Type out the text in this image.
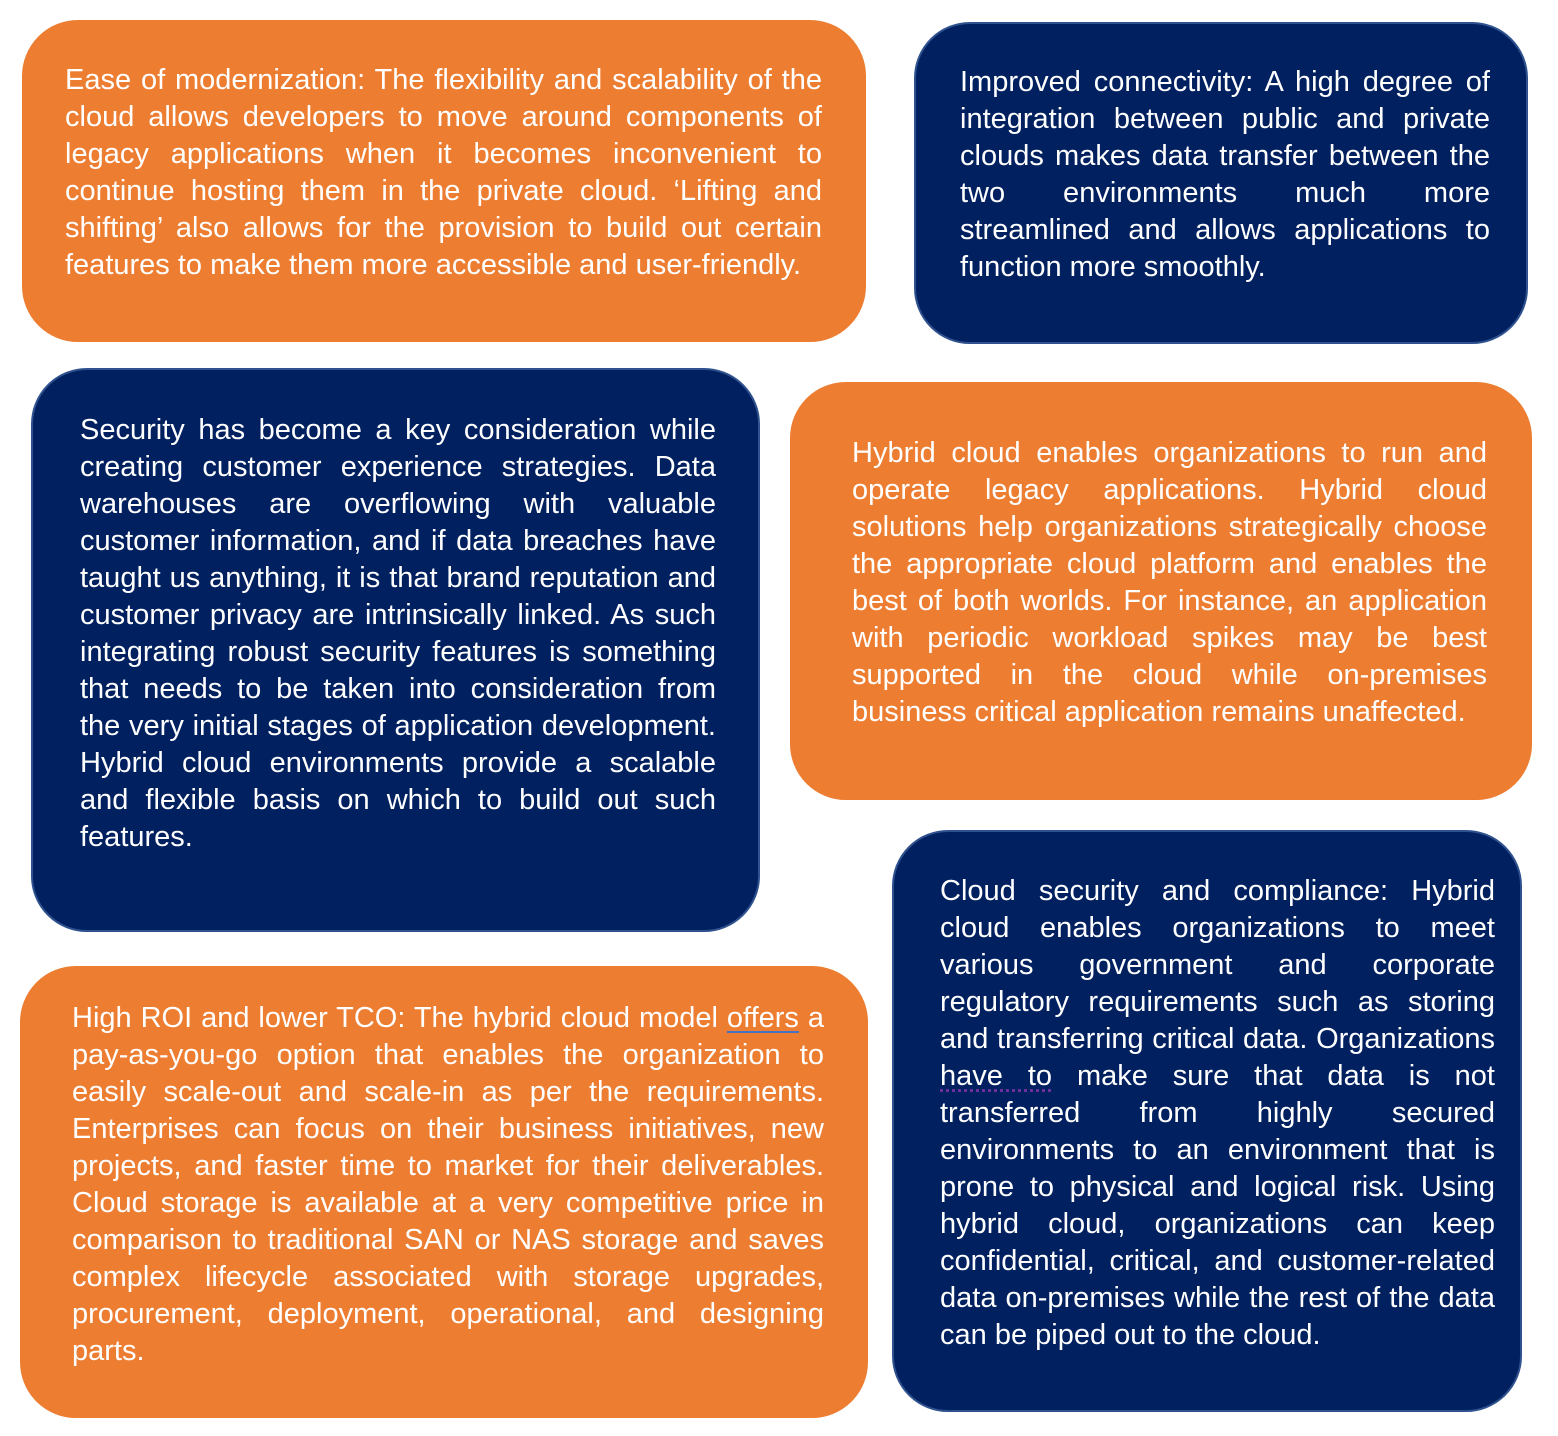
Ease of modernization: The flexibility and scalability of the cloud allows developers to move around components of legacy applications when it becomes inconvenient to continue hosting them in the private cloud. ‘Lifting and shifting’ also allows for the provision to build out certain features to make them more accessible and user-friendly.

Improved connectivity: A high degree of integration between public and private clouds makes data transfer between the two environments much more streamlined and allows applications to function more smoothly.

Security has become a key consideration while creating customer experience strategies. Data warehouses are overflowing with valuable customer information, and if data breaches have taught us anything, it is that brand reputation and customer privacy are intrinsically linked. As such integrating robust security features is something that needs to be taken into consideration from the very initial stages of application development. Hybrid cloud environments provide a scalable and flexible basis on which to build out such features.

Hybrid cloud enables organizations to run and operate legacy applications. Hybrid cloud solutions help organizations strategically choose the appropriate cloud platform and enables the best of both worlds. For instance, an application with periodic workload spikes may be best supported in the cloud while on-premises business critical application remains unaffected.

High ROI and lower TCO: The hybrid cloud model offers a pay-as-you-go option that enables the organization to easily scale-out and scale-in as per the requirements. Enterprises can focus on their business initiatives, new projects, and faster time to market for their deliverables. Cloud storage is available at a very competitive price in comparison to traditional SAN or NAS storage and saves complex lifecycle associated with storage upgrades, procurement, deployment, operational, and designing parts.

Cloud security and compliance: Hybrid cloud enables organizations to meet various government and corporate regulatory requirements such as storing and transferring critical data. Organizations have to make sure that data is not transferred from highly secured environments to an environment that is prone to physical and logical risk. Using hybrid cloud, organizations can keep confidential, critical, and customer-related data on-premises while the rest of the data can be piped out to the cloud.
